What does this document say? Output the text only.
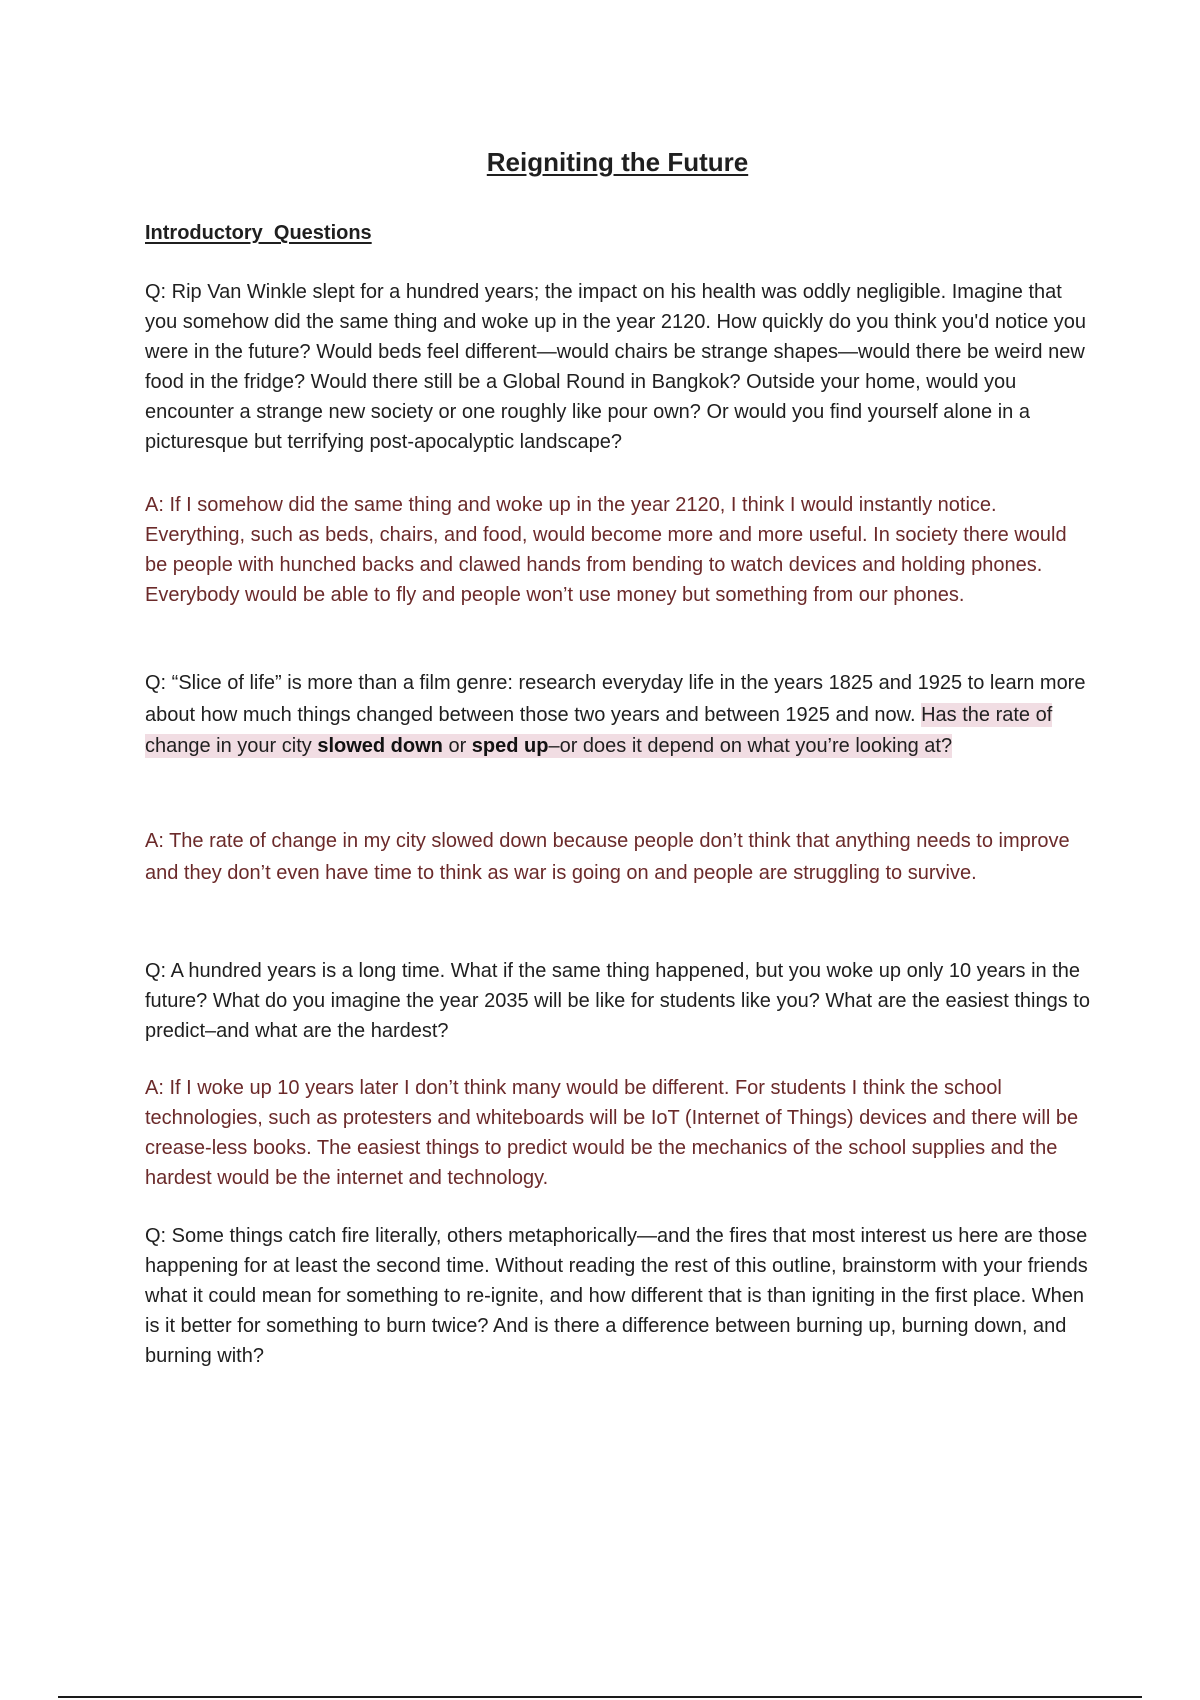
Reigniting the Future
Introductory  Questions

Q: Rip Van Winkle slept for a hundred years; the impact on his health was oddly negligible. Imagine that you somehow did the same thing and woke up in the year 2120. How quickly do you think you'd notice you were in the future? Would beds feel different—would chairs be strange shapes—would there be weird new food in the fridge? Would there still be a Global Round in Bangkok? Outside your home, would you encounter a strange new society or one roughly like pour own? Or would you find yourself alone in a picturesque but terrifying post-apocalyptic landscape?

A: If I somehow did the same thing and woke up in the year 2120, I think I would instantly notice. Everything, such as beds, chairs, and food, would become more and more useful. In society there would be people with hunched backs and clawed hands from bending to watch devices and holding phones. Everybody would be able to fly and people won’t use money but something from our phones.

Q: “Slice of life” is more than a film genre: research everyday life in the years 1825 and 1925 to learn more about how much things changed between those two years and between 1925 and now. Has the rate of change in your city slowed down or sped up–or does it depend on what you’re looking at?

A: The rate of change in my city slowed down because people don’t think that anything needs to improve and they don’t even have time to think as war is going on and people are struggling to survive.

Q: A hundred years is a long time. What if the same thing happened, but you woke up only 10 years in the future? What do you imagine the year 2035 will be like for students like you? What are the easiest things to predict–and what are the hardest?

A: If I woke up 10 years later I don’t think many would be different. For students I think the school technologies, such as protesters and whiteboards will be IoT (Internet of Things) devices and there will be crease-less books. The easiest things to predict would be the mechanics of the school supplies and the hardest would be the internet and technology.

Q: Some things catch fire literally, others metaphorically—and the fires that most interest us here are those happening for at least the second time. Without reading the rest of this outline, brainstorm with your friends what it could mean for something to re-ignite, and how different that is than igniting in the first place. When is it better for something to burn twice? And is there a difference between burning up, burning down, and burning with?
